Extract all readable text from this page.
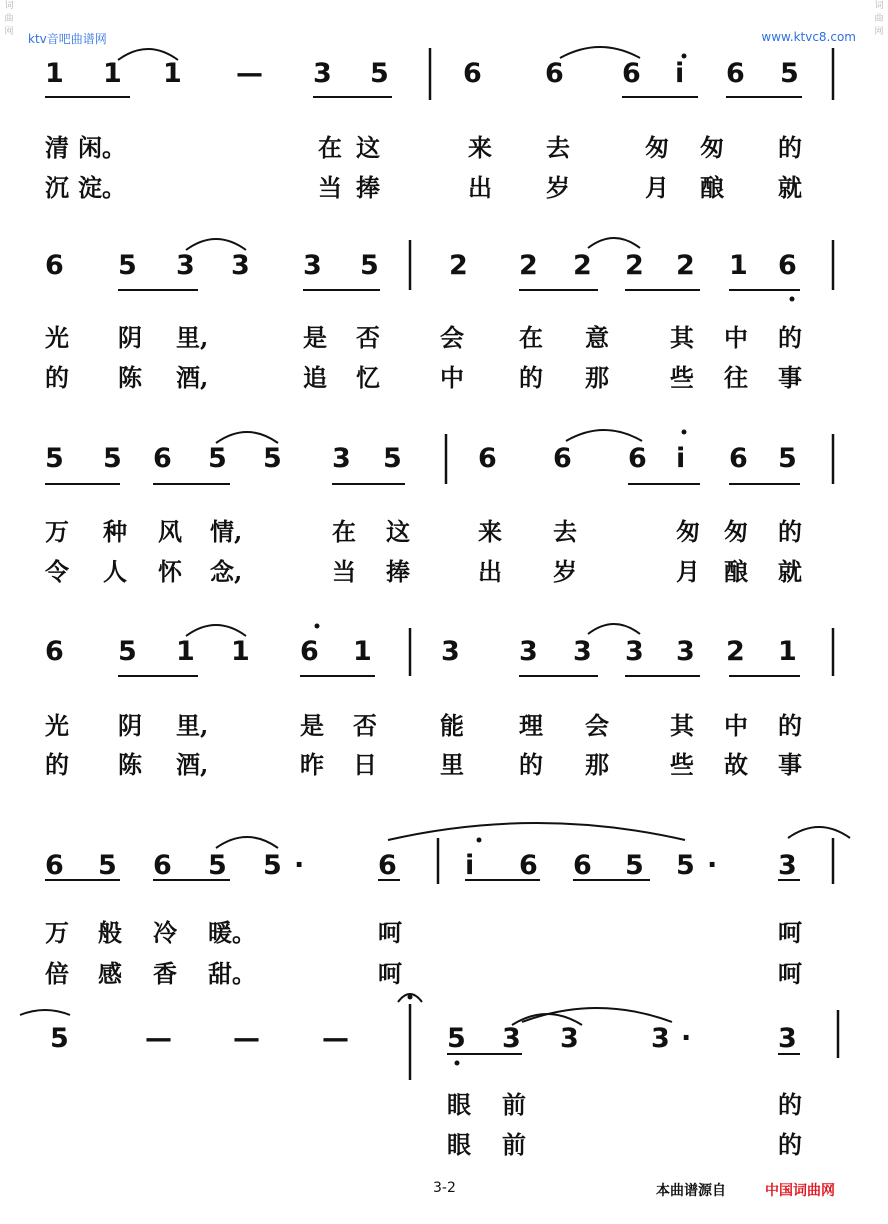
词
曲
网
词
曲
网
ktv音吧曲谱网	www.ktvc8.com
1 1 1 — 3 5	6 6 6 i 6 5
清 闲。	在 这	来 去	匆 匆 的
沉 淀。	当 捧	出 岁	月 酿 就
6 5 3 3 3 5	2 2 2 2 2 1 6
光 阴 里,	是 否	会 在 意	其 中 的
的 陈 酒,	追 忆	中 的 那	些 往 事
5 5 6 5 5 3 5	6 6 6 i 6 5
万 种 风 情,	在 这	来 去	匆 匆 的
令 人 怀 念,	当 捧	出 岁	月 酿 就
6 5 1 1 6 1	3 3 3 3 3 2 1
光 阴 里,	是 否	能 理 会	其 中 的
的 陈 酒,	昨 日	里 的 那	些 故 事
6 5 6 5 5 ·	6	i 6 6 5 5 · 3
万 般 冷 暖。	呵	呵
倍 感 香 甜。	呵	呵
5	— — —	5 3 3	3 ·	3
眼 前	的
眼 前	的
3-2	本曲谱源自	中国词曲网
